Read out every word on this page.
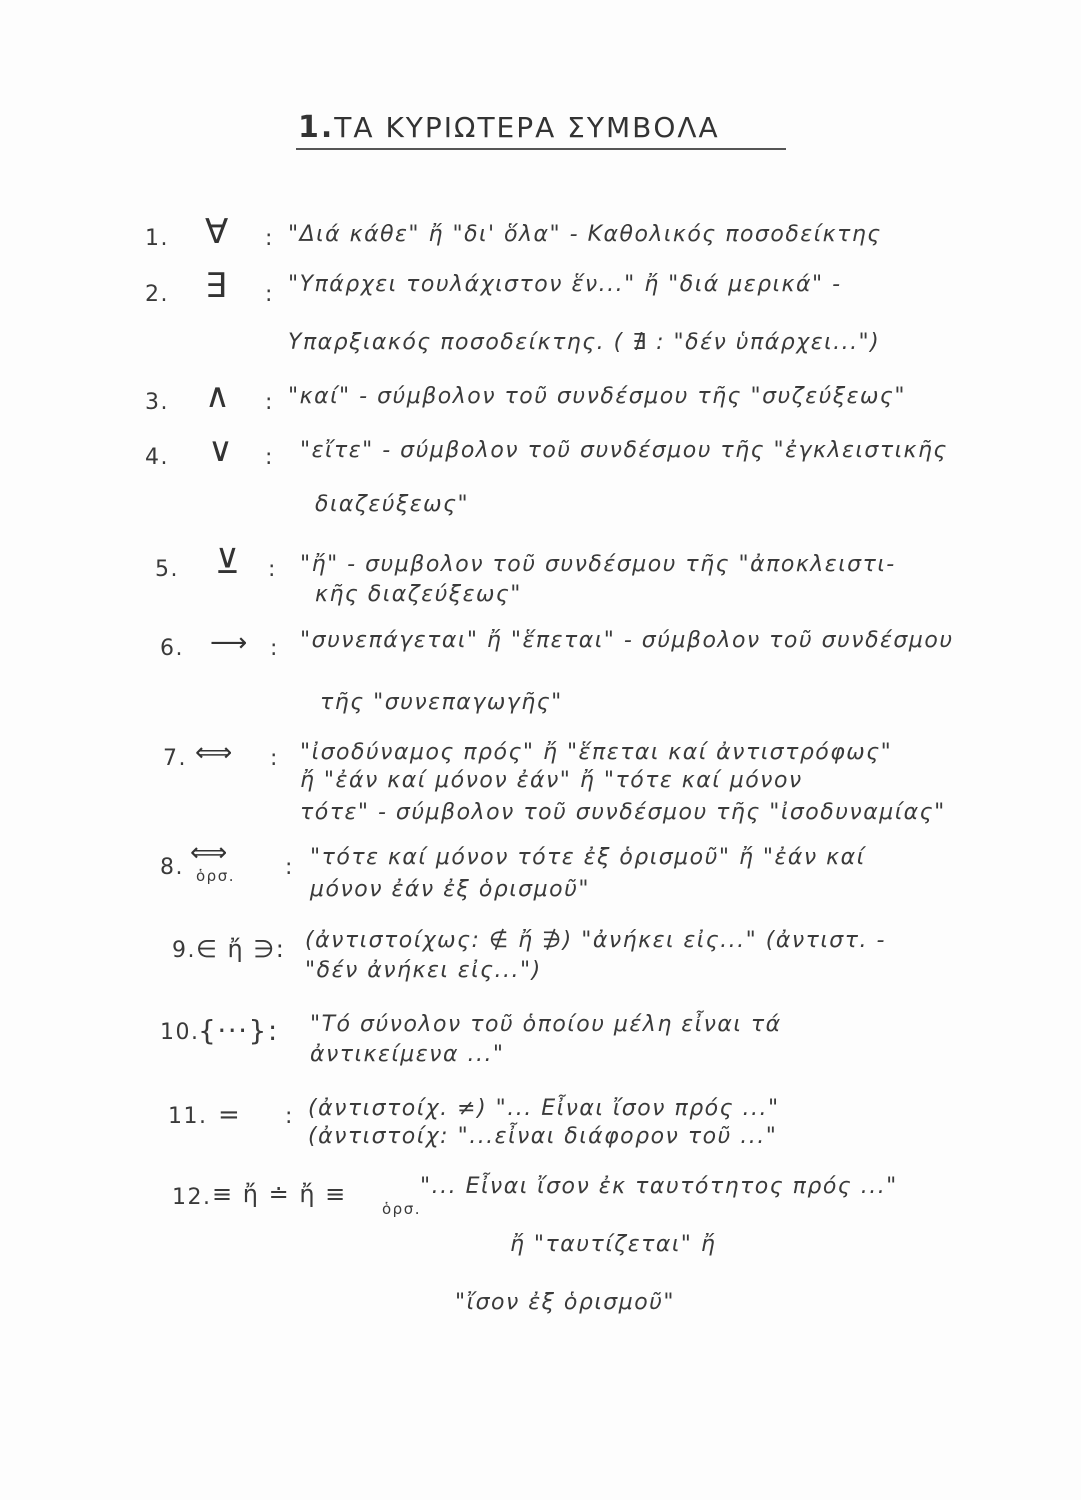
1.ΤΑ ΚΥΡΙΩΤΕΡΑ ΣΥΜΒΟΛΑ
1. ∀ : "Διά κάθε" ἤ "δι' ὅλα" - Καθολικός ποσοδείκτης
2. ∃ : "Υπάρχει τουλάχιστον ἕν..." ἤ "διά μερικά" -
Υπαρξιακός ποσοδείκτης. ( ∄ : "δέν ὑπάρχει...")
3. ∧ : "καί" - σύμβολον τοῦ συνδέσμου τῆς "συζεύξεως"
4. ∨ : "εἴτε" - σύμβολον τοῦ συνδέσμου τῆς "ἐγκλειστικῆς
διαζεύξεως"
5. ⊻ : "ἤ" - συμβολον τοῦ συνδέσμου τῆς "ἀποκλειστι-
κῆς διαζεύξεως"
6. ⟶ : "συνεπάγεται" ἤ "ἕπεται" - σύμβολον τοῦ συνδέσμου
τῆς "συνεπαγωγῆς"
7. ⟺ : "ἰσοδύναμος πρός" ἤ "ἕπεται καί ἀντιστρόφως"
ἤ "ἐάν καί μόνον ἐάν" ἤ "τότε καί μόνον
τότε" - σύμβολον τοῦ συνδέσμου τῆς "ἰσοδυναμίας"
8. ⟺
ὁρσ. : "τότε καί μόνον τότε ἐξ ὁρισμοῦ" ἤ "ἐάν καί
μόνον ἐάν ἐξ ὁρισμοῦ"
9. ∈ ἤ ∋: (ἀντιστοίχως: ∉ ἤ ∌) "ἀνήκει εἰς..." (ἀντιστ. -
"δέν ἀνήκει εἰς...")
10.
{···}: "Τό σύνολον τοῦ ὁποίου μέλη εἶναι τά
ἀντικείμενα ..."
11. = : (ἀντιστοίχ. ≠) "... Εἶναι ἴσον πρός ..."
(ἀντιστοίχ: "...εἶναι διάφορον τοῦ ..."
12. ≡ ἤ ≐ ἤ ≡
ὁρσ.
"... Εἶναι ἴσον ἐκ ταυτότητος πρός ..."
ἤ "ταυτίζεται" ἤ
"ἴσον ἐξ ὁρισμοῦ"
